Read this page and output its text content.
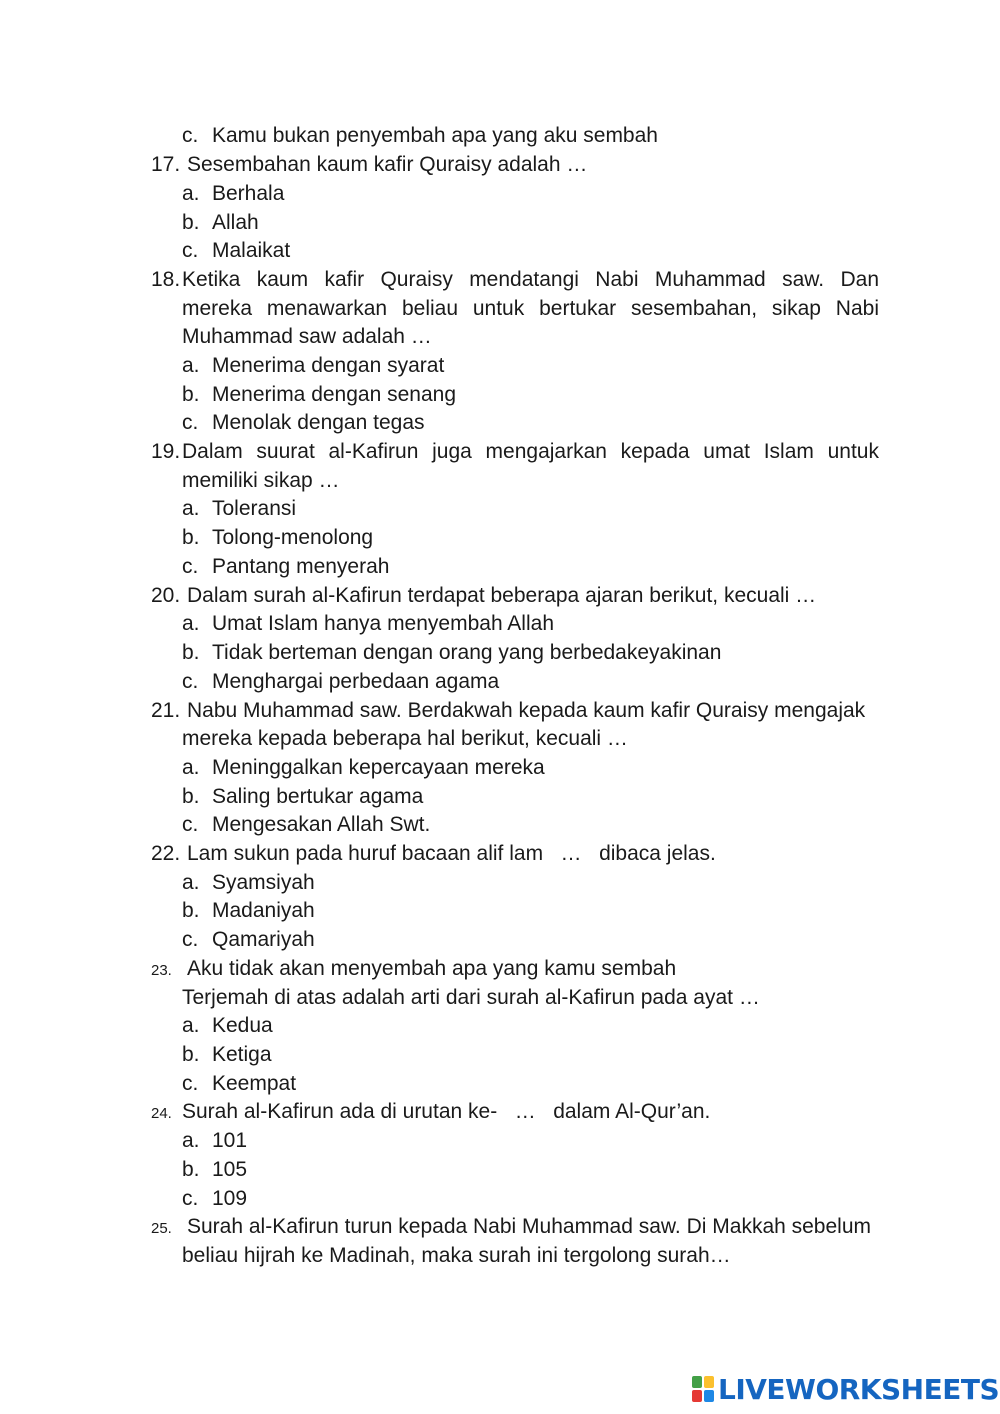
c. Kamu bukan penyembah apa yang aku sembah
17. Sesembahan kaum kafir Quraisy adalah …
a. Berhala
b. Allah
c. Malaikat
18. Ketika kaum kafir Quraisy mendatangi Nabi Muhammad saw. Dan
mereka menawarkan beliau untuk bertukar sesembahan, sikap Nabi
Muhammad saw adalah …
a. Menerima dengan syarat
b. Menerima dengan senang
c. Menolak dengan tegas
19. Dalam suurat al-Kafirun juga mengajarkan kepada umat Islam untuk
memiliki sikap …
a. Toleransi
b. Tolong-menolong
c. Pantang menyerah
20. Dalam surah al-Kafirun terdapat beberapa ajaran berikut, kecuali …
a. Umat Islam hanya menyembah Allah
b. Tidak berteman dengan orang yang berbedakeyakinan
c. Menghargai perbedaan agama
21. Nabu Muhammad saw. Berdakwah kepada kaum kafir Quraisy mengajak
mereka kepada beberapa hal berikut, kecuali …
a. Meninggalkan kepercayaan mereka
b. Saling bertukar agama
c. Mengesakan Allah Swt.
22. Lam sukun pada huruf bacaan alif lam   …   dibaca jelas.
a. Syamsiyah
b. Madaniyah
c. Qamariyah
23. Aku tidak akan menyembah apa yang kamu sembah
Terjemah di atas adalah arti dari surah al-Kafirun pada ayat …
a. Kedua
b. Ketiga
c. Keempat
24. Surah al-Kafirun ada di urutan ke-   …   dalam Al-Qur’an.
a. 101
b. 105
c. 109
25. Surah al-Kafirun turun kepada Nabi Muhammad saw. Di Makkah sebelum
beliau hijrah ke Madinah, maka surah ini tergolong surah…
LIVEWORKSHEETS
